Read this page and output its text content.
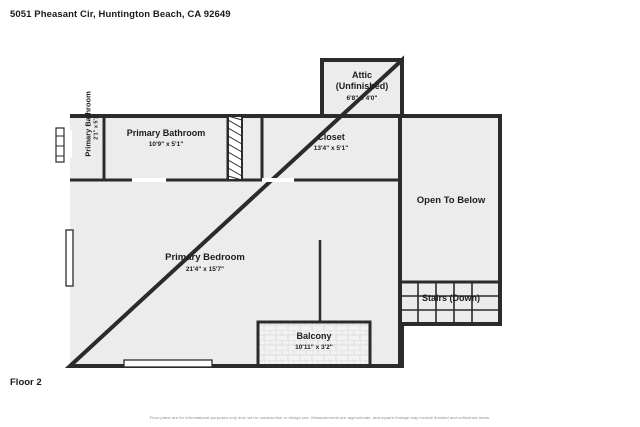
5051 Pheasant Cir, Huntington Beach, CA 92649
Primary Bathroom 2'1" x 5'1"	Primary Bathroom
10'9" x 5'1"
Attic
(Unfinished)
6'8" x 4'0"
Closet
13'4" x 5'1"
Open To Below
Primary Bedroom
21'4" x 15'7"
Stairs (Down)
Balcony
10'11" x 3'2"
Floor 2
Floor plans are for informational purposes only and not for construction or design use. Measurements are approximate, and square footage may include finished and unfinished areas.
